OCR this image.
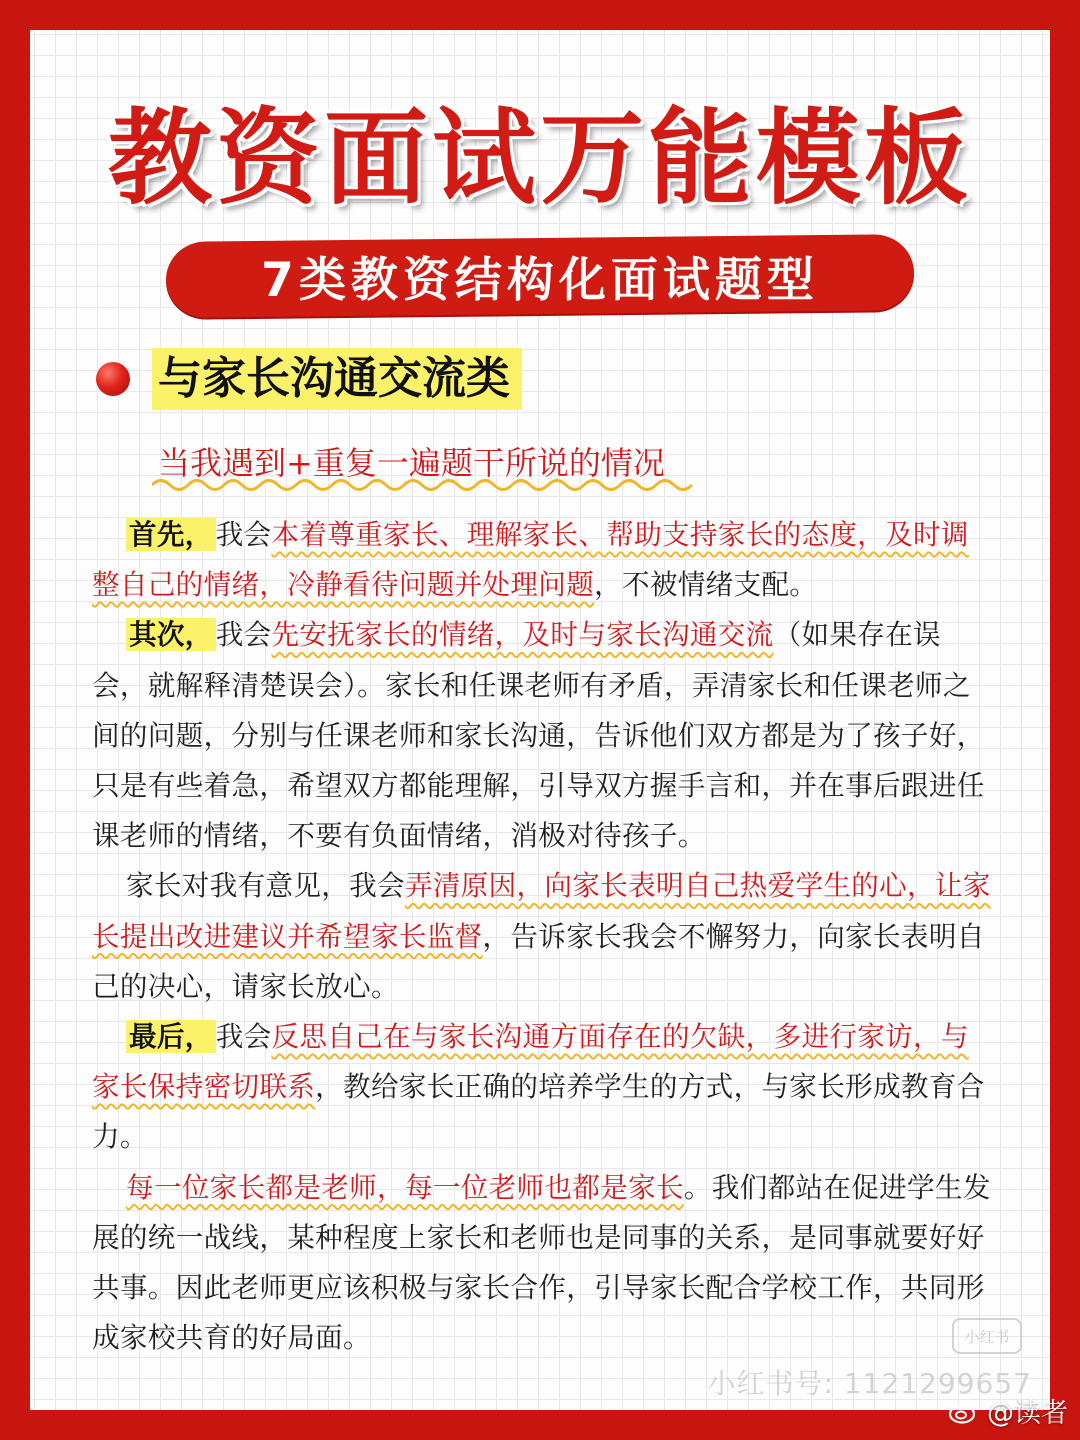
教资面试万能模板
7类教资结构化面试题型
与家长沟通交流类
当我遇到+重复一遍题干所说的情况

首先， 我会本着尊重家长、理解家长、帮助支持家长的态度，及时调整自己的情绪，冷静看待问题并处理问题，不被情绪支配。

其次， 我会先安抚家长的情绪，及时与家长沟通交流（如果存在误会，就解释清楚误会）。家长和任课老师有矛盾，弄清家长和任课老师之间的问题，分别与任课老师和家长沟通，告诉他们双方都是为了孩子好，只是有些着急，希望双方都能理解，引导双方握手言和，并在事后跟进任课老师的情绪，不要有负面情绪，消极对待孩子。

家长对我有意见，我会弄清原因，向家长表明自己热爱学生的心，让家长提出改进建议并希望家长监督，告诉家长我会不懈努力，向家长表明自己的决心，请家长放心。

最后， 我会反思自己在与家长沟通方面存在的欠缺，多进行家访，与家长保持密切联系，教给家长正确的培养学生的方式，与家长形成教育合力。

每一位家长都是老师，每一位老师也都是家长。我们都站在促进学生发展的统一战线，某种程度上家长和老师也是同事的关系，是同事就要好好共事。因此老师更应该积极与家长合作，引导家长配合学校工作，共同形成家校共育的好局面。	小红书
小红书号: 1121299657
@读者
